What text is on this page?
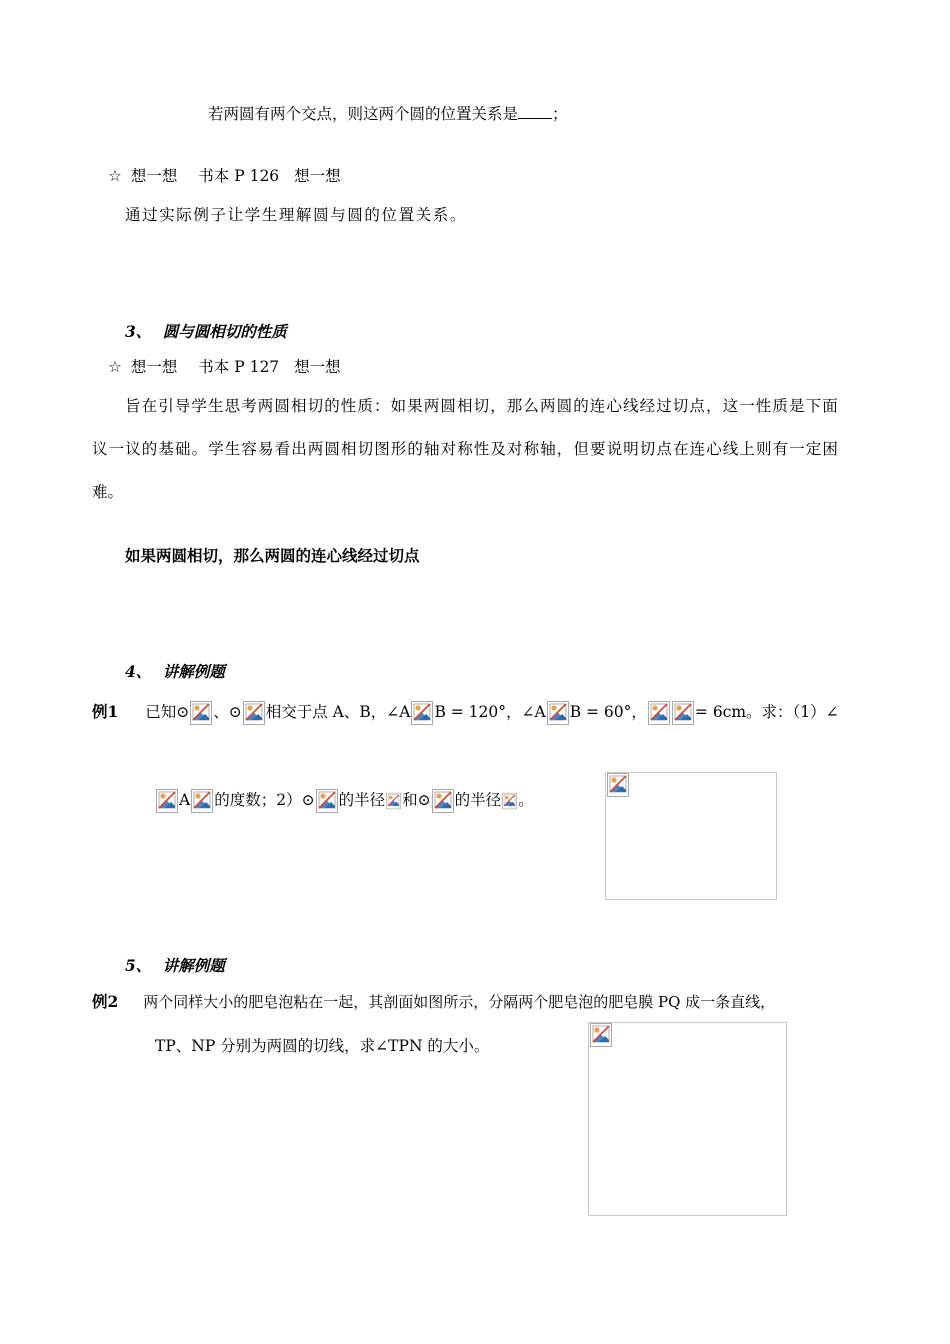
若两圆有两个交点，则这两个圆的位置关系是 ；
☆ 想一想 书本 P 126 想一想
通过实际例子让学生理解圆与圆的位置关系。
3、 圆与圆相切的性质
☆ 想一想 书本 P 127 想一想
旨在引导学生思考两圆相切的性质：如果两圆相切，那么两圆的连心线经过切点，这一性质是下面
议一议的基础。学生容易看出两圆相切图形的轴对称性及对称轴，但要说明切点在连心线上则有一定困
难。
如果两圆相切，那么两圆的连心线经过切点
4、 讲解例题
例1 已知⊙ 、⊙ 相交于点 A、B，∠A B = 120°，∠A B = 60°，	= 6cm。求：（1）∠
A 的度数；2）⊙ 的半径 和⊙ 的半径 。
5、 讲解例题
例2 两个同样大小的肥皂泡粘在一起，其剖面如图所示，分隔两个肥皂泡的肥皂膜 PQ 成一条直线，
TP、NP 分别为两圆的切线，求∠TPN 的大小。
